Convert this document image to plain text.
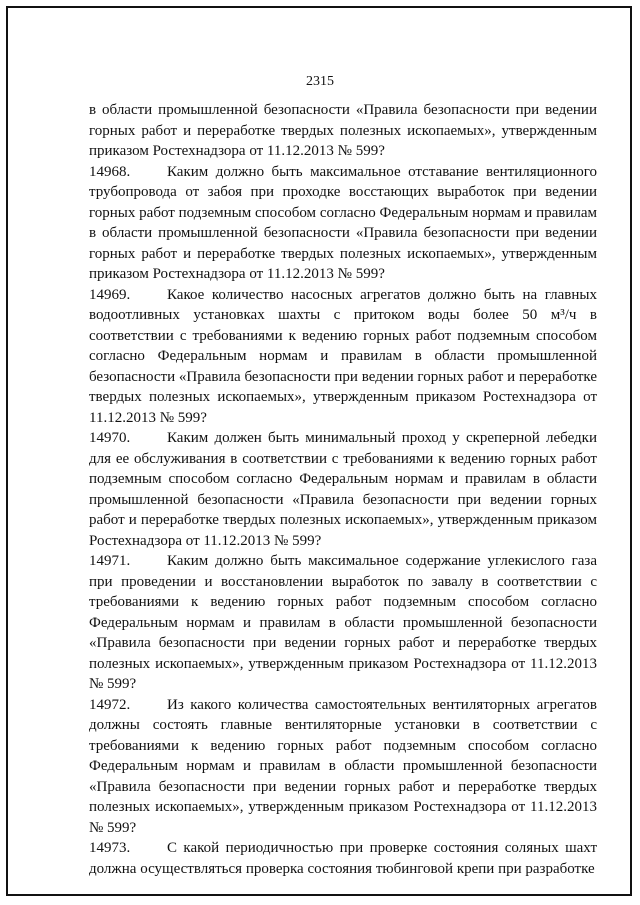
2315

в области промышленной безопасности «Правила безопасности при ведении горных работ и переработке твердых полезных ископаемых», утвержденным приказом Ростехнадзора от 11.12.2013 № 599?

14968. Каким должно быть максимальное отставание вентиляционного трубопровода от забоя при проходке восстающих выработок при ведении горных работ подземным способом согласно Федеральным нормам и правилам в области промышленной безопасности «Правила безопасности при ведении горных работ и переработке твердых полезных ископаемых», утвержденным приказом Ростехнадзора от 11.12.2013 № 599?

14969. Какое количество насосных агрегатов должно быть на главных водоотливных установках шахты с притоком воды более 50 м³/ч в соответствии с требованиями к ведению горных работ подземным способом согласно Федеральным нормам и правилам в области промышленной безопасности «Правила безопасности при ведении горных работ и переработке твердых полезных ископаемых», утвержденным приказом Ростехнадзора от 11.12.2013 № 599?

14970. Каким должен быть минимальный проход у скреперной лебедки для ее обслуживания в соответствии с требованиями к ведению горных работ подземным способом согласно Федеральным нормам и правилам в области промышленной безопасности «Правила безопасности при ведении горных работ и переработке твердых полезных ископаемых», утвержденным приказом Ростехнадзора от 11.12.2013 № 599?

14971. Каким должно быть максимальное содержание углекислого газа при проведении и восстановлении выработок по завалу в соответствии с требованиями к ведению горных работ подземным способом согласно Федеральным нормам и правилам в области промышленной безопасности «Правила безопасности при ведении горных работ и переработке твердых полезных ископаемых», утвержденным приказом Ростехнадзора от 11.12.2013 № 599?

14972. Из какого количества самостоятельных вентиляторных агрегатов должны состоять главные вентиляторные установки в соответствии с требованиями к ведению горных работ подземным способом согласно Федеральным нормам и правилам в области промышленной безопасности «Правила безопасности при ведении горных работ и переработке твердых полезных ископаемых», утвержденным приказом Ростехнадзора от 11.12.2013 № 599?

14973. С какой периодичностью при проверке состояния соляных шахт должна осуществляться проверка состояния тюбинговой крепи при разработке
